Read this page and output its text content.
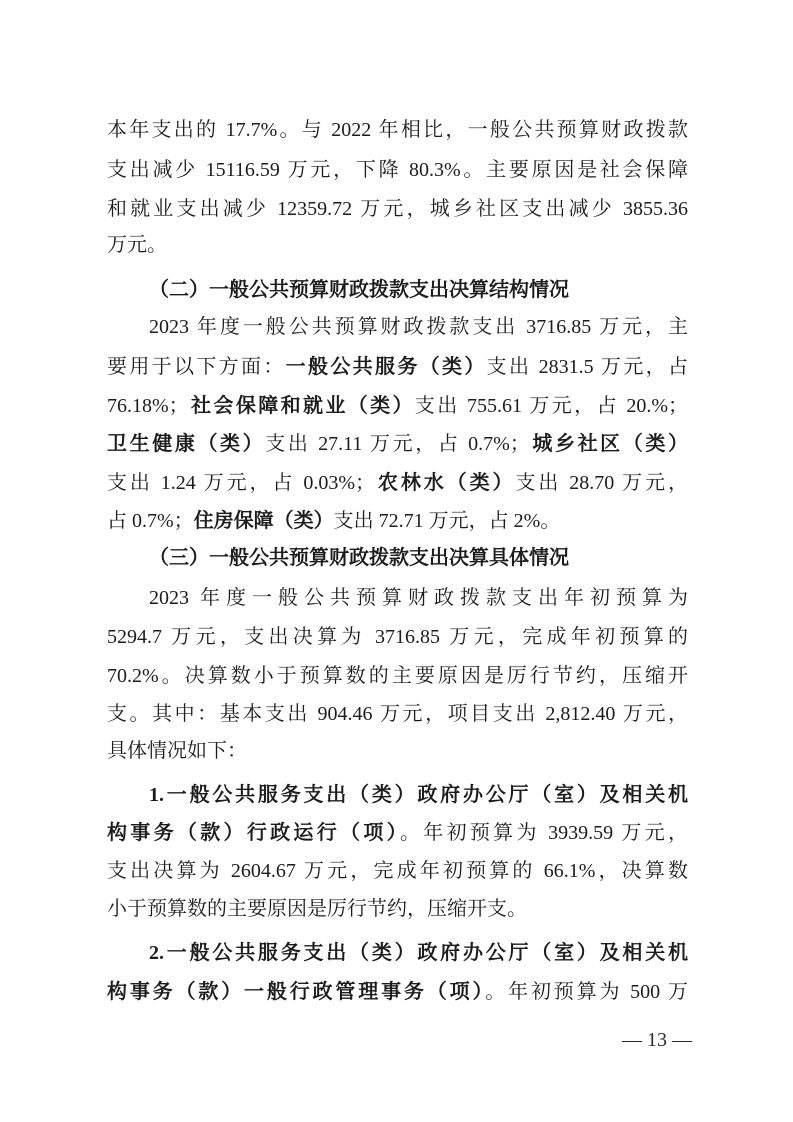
本年支出的 17.7%。与 2022 年相比，一般公共预算财政拨款
支出减少 15116.59 万元，下降 80.3%。主要原因是社会保障
和就业支出减少 12359.72 万元，城乡社区支出减少 3855.36
万元。
（二）一般公共预算财政拨款支出决算结构情况
2023 年度一般公共预算财政拨款支出 3716.85 万元，主
要用于以下方面：一般公共服务（类）支出 2831.5 万元，占
76.18%；社会保障和就业（类）支出 755.61 万元，占 20.%；
卫生健康（类）支出 27.11 万元，占 0.7%；城乡社区（类）
支出 1.24 万元，占 0.03%；农林水（类）支出 28.70 万元，
占 0.7%；住房保障（类）支出 72.71 万元，占 2%。
（三）一般公共预算财政拨款支出决算具体情况
2023 年度一般公共预算财政拨款支出年初预算为
5294.7 万元，支出决算为 3716.85 万元，完成年初预算的
70.2%。决算数小于预算数的主要原因是厉行节约，压缩开
支。其中：基本支出 904.46 万元，项目支出 2,812.40 万元，
具体情况如下：
1.一般公共服务支出（类）政府办公厅（室）及相关机
构事务（款）行政运行（项）。年初预算为 3939.59 万元，
支出决算为 2604.67 万元，完成年初预算的 66.1%，决算数
小于预算数的主要原因是厉行节约，压缩开支。
2.一般公共服务支出（类）政府办公厅（室）及相关机
构事务（款）一般行政管理事务（项）。年初预算为 500 万
— 13 —
